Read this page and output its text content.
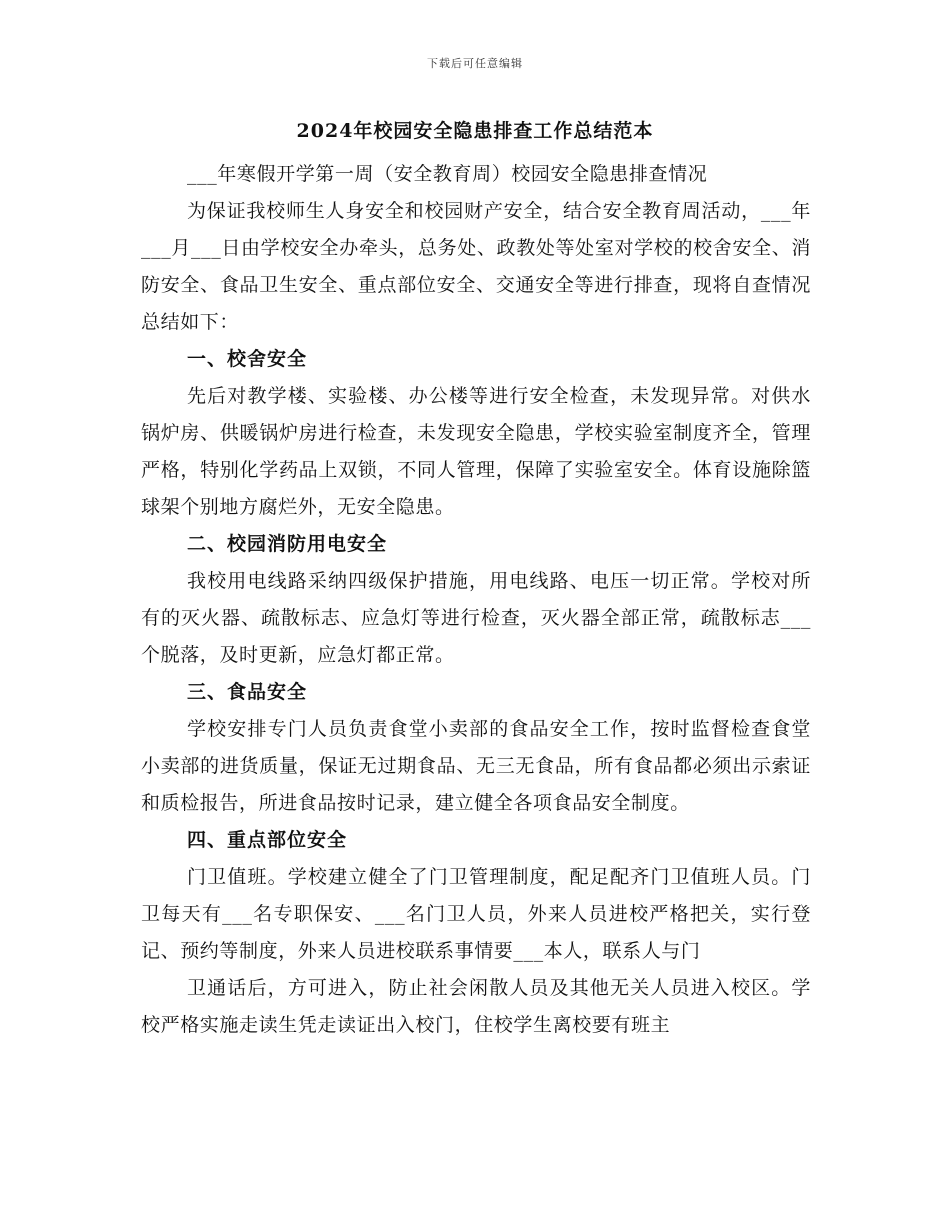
下载后可任意编辑
2024年校园安全隐患排查工作总结范本

___年寒假开学第一周（安全教育周）校园安全隐患排查情况

为保证我校师生人身安全和校园财产安全，结合安全教育周活动，___年___月___日由学校安全办牵头，总务处、政教处等处室对学校的校舍安全、消防安全、食品卫生安全、重点部位安全、交通安全等进行排查，现将自查情况总结如下：

一、校舍安全

先后对教学楼、实验楼、办公楼等进行安全检查，未发现异常。对供水锅炉房、供暖锅炉房进行检查，未发现安全隐患，学校实验室制度齐全，管理严格，特别化学药品上双锁，不同人管理，保障了实验室安全。体育设施除篮球架个别地方腐烂外，无安全隐患。

二、校园消防用电安全

我校用电线路采纳四级保护措施，用电线路、电压一切正常。学校对所有的灭火器、疏散标志、应急灯等进行检查，灭火器全部正常，疏散标志___个脱落，及时更新，应急灯都正常。

三、食品安全

学校安排专门人员负责食堂小卖部的食品安全工作，按时监督检查食堂小卖部的进货质量，保证无过期食品、无三无食品，所有食品都必须出示索证和质检报告，所进食品按时记录，建立健全各项食品安全制度。

四、重点部位安全

门卫值班。学校建立健全了门卫管理制度，配足配齐门卫值班人员。门卫每天有___名专职保安、___名门卫人员，外来人员进校严格把关，实行登记、预约等制度，外来人员进校联系事情要___本人，联系人与门

卫通话后，方可进入，防止社会闲散人员及其他无关人员进入校区。学校严格实施走读生凭走读证出入校门，住校学生离校要有班主
